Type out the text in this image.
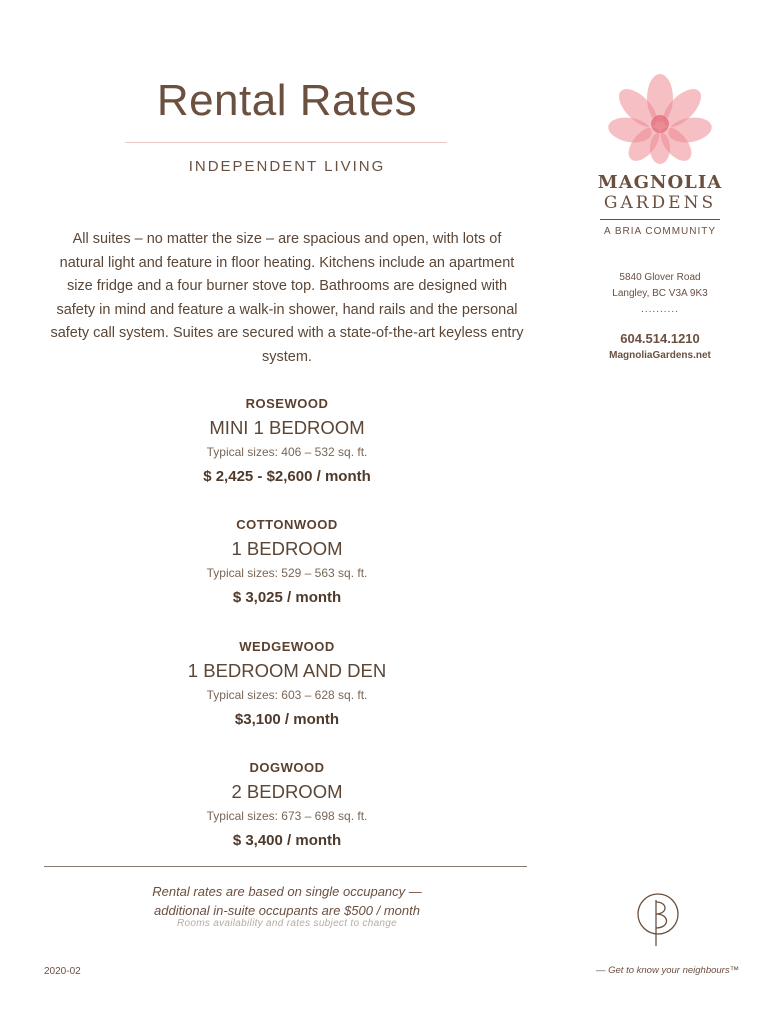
Rental Rates
INDEPENDENT LIVING
All suites – no matter the size – are spacious and open, with lots of natural light and feature in floor heating. Kitchens include an apartment size fridge and a four burner stove top. Bathrooms are designed with safety in mind and feature a walk-in shower, hand rails and the personal safety call system. Suites are secured with a state-of-the-art keyless entry system.
ROSEWOOD
MINI 1 BEDROOM
Typical sizes: 406 – 532 sq. ft.
$ 2,425 - $2,600 / month
COTTONWOOD
1 BEDROOM
Typical sizes: 529 – 563 sq. ft.
$ 3,025 / month
WEDGEWOOD
1 BEDROOM AND DEN
Typical sizes: 603 – 628 sq. ft.
$3,100 / month
DOGWOOD
2 BEDROOM
Typical sizes: 673 – 698 sq. ft.
$ 3,400 / month
Rental rates are based on single occupancy —
additional in-suite occupants are $500 / month
Rooms availability and rates subject to change
2020-02
MAGNOLIA
GARDENS
A BRIA COMMUNITY
5840 Glover Road
Langley, BC V3A 9K3
..........
604.514.1210
MagnoliaGardens.net
— Get to know your neighbours™
